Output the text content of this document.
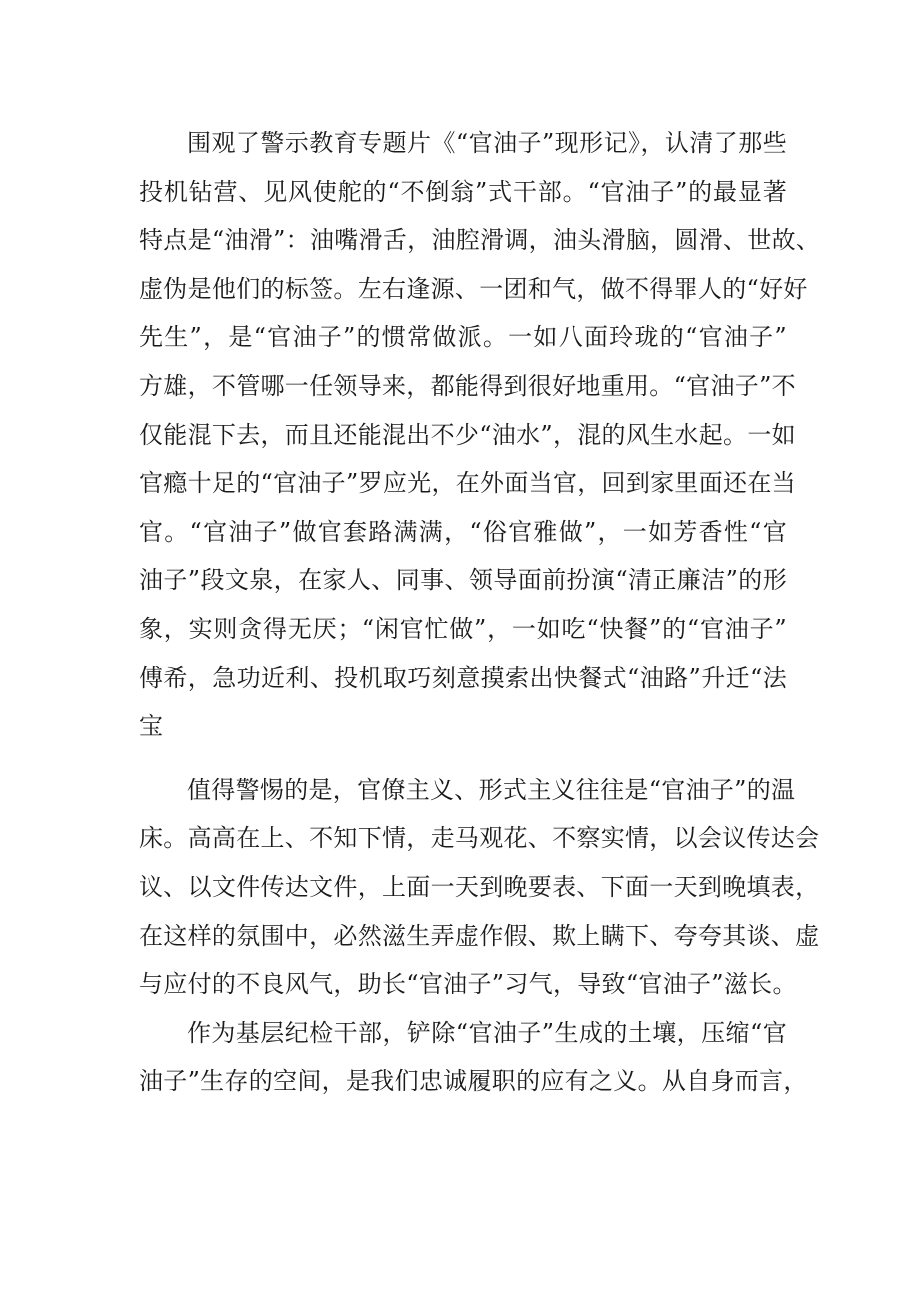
围观了警示教育专题片《“官油子”现形记》，认清了那些
投机钻营、见风使舵的“不倒翁”式干部。“官油子”的最显著
特点是“油滑”：油嘴滑舌，油腔滑调，油头滑脑，圆滑、世故、
虚伪是他们的标签。左右逢源、一团和气，做不得罪人的“好好
先生”，是“官油子”的惯常做派。一如八面玲珑的“官油子”
方雄，不管哪一任领导来，都能得到很好地重用。“官油子”不
仅能混下去，而且还能混出不少“油水”，混的风生水起。一如
官瘾十足的“官油子”罗应光，在外面当官，回到家里面还在当
官。“官油子”做官套路满满，“俗官雅做”，一如芳香性“官
油子”段文泉，在家人、同事、领导面前扮演“清正廉洁”的形
象，实则贪得无厌；“闲官忙做”，一如吃“快餐”的“官油子”
傅希，急功近利、投机取巧刻意摸索出快餐式“油路”升迁“法
宝
值得警惕的是，官僚主义、形式主义往往是“官油子”的温
床。高高在上、不知下情，走马观花、不察实情，以会议传达会
议、以文件传达文件，上面一天到晚要表、下面一天到晚填表，
在这样的氛围中，必然滋生弄虚作假、欺上瞒下、夸夸其谈、虚
与应付的不良风气，助长“官油子”习气，导致“官油子”滋长。
作为基层纪检干部，铲除“官油子”生成的土壤，压缩“官
油子”生存的空间，是我们忠诚履职的应有之义。从自身而言，
